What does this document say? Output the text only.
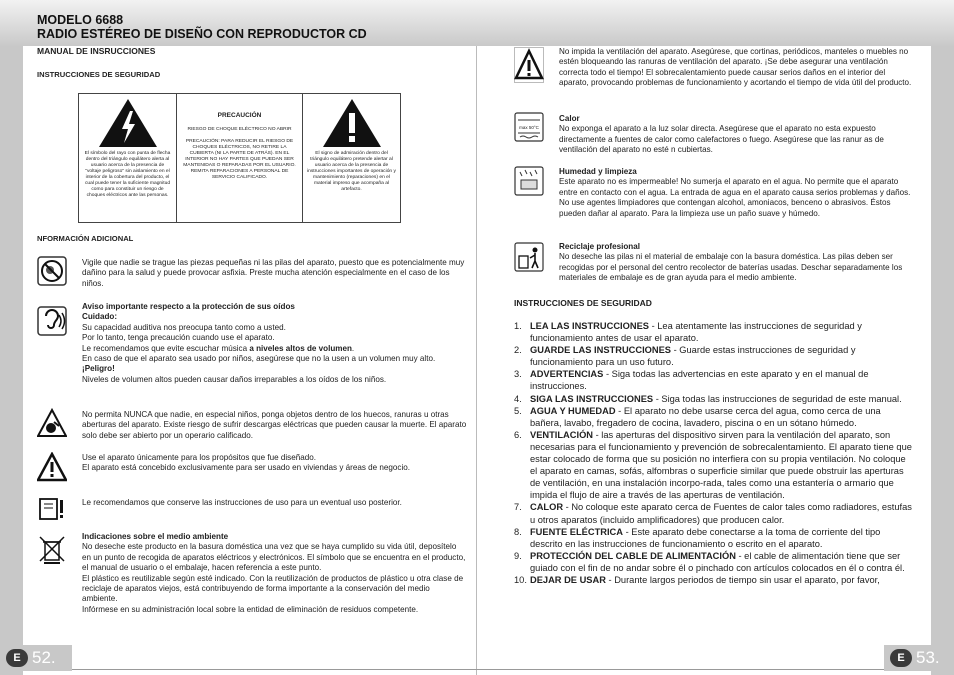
MODELO 6688
RADIO ESTÉREO DE DISEÑO CON REPRODUCTOR CD
MANUAL DE INSRUCCIONES
INSTRUCCIONES DE SEGURIDAD
El símbolo del rayo con punta de flecha dentro del triángulo equilátero alerta al usuario acerca de la presencia de "voltaje peligroso" sin aislamiento en el interior de la cobertura del producto, el cual puede tener la suficiente magnitud como para constituir un riesgo de choques eléctricos ante las personas.
PRECAUCIÓN
RIESGO DE CHOQUE ELÉCTRICO NO ABRIR
PRECAUCIÓN: PARA REDUCIR EL RIESGO DE CHOQUES ELÉCTRICOS, NO RETIRE LA CUBIERTA (NI LA PARTE DE ATRÁS). EN EL INTERIOR NO HAY PARTES QUE PUEDAN SER MANTENIDAS O REPARADAS POR EL USUARIO. REMITA REPARACIONES A PERSONAL DE SERVICIO CALIFICADO.
El signo de admiración dentro del triángulo equilátero pretende alertar al usuario acerca de la presencia de instrucciones importantes de operación y mantenimiento (reparaciones) en el material impreso que acompaña al artefacto.
NFORMACIÓN ADICIONAL
Vigile que nadie se trague las piezas pequeñas ni las pilas del aparato, puesto que es potencialmente muy dañino para la salud y puede provocar asfixia. Preste mucha atención especialmente en el caso de los niños.

Aviso importante respecto a la protección de sus oídos

Cuidado:

Su capacidad auditiva nos preocupa tanto como a usted.

Por lo tanto, tenga precaución cuando use el aparato.

Le recomendamos que evite escuchar música a niveles altos de volumen.

En caso de que el aparato sea usado por niños, asegúrese que no la usen a un volumen muy alto.

¡Peligro!

Niveles de volumen altos pueden causar daños irreparables a los oídos de los niños.

No permita NUNCA que nadie, en especial niños, ponga objetos dentro de los huecos, ranuras u otras aberturas del aparato. Existe riesgo de sufrir descargas eléctricas que pueden causar la muerte. El aparato solo debe ser abierto por un operario calificado.
Use el aparato únicamente para los propósitos que fue diseñado.
El aparato está concebido exclusivamente para ser usado en viviendas y áreas de negocio.
Le recomendamos que conserve las instrucciones de uso para un eventual uso posterior.

Indicaciones sobre el medio ambiente

No deseche este producto en la basura doméstica una vez que se haya cumplido su vida útil, deposítelo en un punto de recogida de aparatos eléctricos y electrónicos. El símbolo que se encuentra en el producto, el manual de usuario o el embalaje, hacen referencia a este punto.

El plástico es reutilizable según esté indicado. Con la reutilización de productos de plástico u otra clase de reciclaje de aparatos viejos, está contribuyendo de forma importante a la conservación del medio ambiente.

Infórmese en su administración local sobre la entidad de eliminación de residuos competente.

E 52.
No impida la ventilación del aparato. Asegúrese, que cortinas, periódicos, manteles o muebles no estén bloqueando las ranuras de ventilación del aparato. ¡Se debe asegurar una ventilación correcta todo el tiempo! El sobrecalentamiento puede causar serios daños en el interior del aparato, provocando problemas de funcionamiento y acortando el tiempo de vida útil del producto.
max 50°C

Calor

No exponga el aparato a la luz solar directa. Asegúrese que el aparato no esta expuesto directamente a fuentes de calor como calefactores o fuego. Asegúrese que las ranur as de ventilación del aparato no esté n cubiertas.

Humedad y limpieza

Este aparato no es impermeable! No sumerja el aparato en el agua. No permite que el aparato entre en contacto con el agua. La entrada de agua en el aparato causa serios problemas y daños. No use agentes limpiadores que contengan alcohol, amoniacos, benceno o abrasivos. Éstos pueden dañar al aparato. Para la limpieza use un paño suave y húmedo.

Reciclaje profesional

No deseche las pilas ni el material de embalaje con la basura doméstica. Las pilas deben ser recogidas por el personal del centro recolector de baterías usadas. Deschar separadamente los materiales de embalaje es de gran ayuda para el medio ambiente.

INSTRUCCIONES DE SEGURIDAD
1. LEA LAS INSTRUCCIONES - Lea atentamente las instrucciones de seguridad y funcionamiento antes de usar el aparato.
2. GUARDE LAS INSTRUCCIONES - Guarde estas instrucciones de seguridad y funcionamiento para un uso futuro.
3. ADVERTENCIAS - Siga todas las advertencias en este aparato y en el manual de instrucciones.
4. SIGA LAS INSTRUCCIONES - Siga todas las instrucciones de seguridad de este manual.
5. AGUA Y HUMEDAD - El aparato no debe usarse cerca del agua, como cerca de una bañera, lavabo, fregadero de cocina, lavadero, piscina o en un sótano húmedo.
6. VENTILACIÓN - las aperturas del dispositivo sirven para la ventilación del aparato, son necesarias para el funcionamiento y prevención de sobrecalentamiento. El aparato tiene que estar colocado de forma que su posición no interfiera con su propia ventilación. No coloque el aparato en camas, sofás, alfombras o superficie similar que puede obstruir las aperturas de ventilación, en una instalación incorpo-rada, tales como una estantería o armario que impida el flujo de aire a través de las aperturas de ventilación.
7. CALOR - No coloque este aparato cerca de Fuentes de calor tales como radiadores, estufas u otros aparatos (incluido amplificadores) que producen calor.
8. FUENTE ELÉCTRICA - Este aparato debe conectarse a la toma de corriente del tipo descrito en las instrucciones de funcionamiento o escrito en el aparato.
9. PROTECCIÓN DEL CABLE DE ALIMENTACIÓN - el cable de alimentación tiene que ser guiado con el fin de no andar sobre él o pinchado con artículos colocados en él o contra él.
10. DEJAR DE USAR - Durante largos periodos de tiempo sin usar el aparato, por favor,
E 53.
